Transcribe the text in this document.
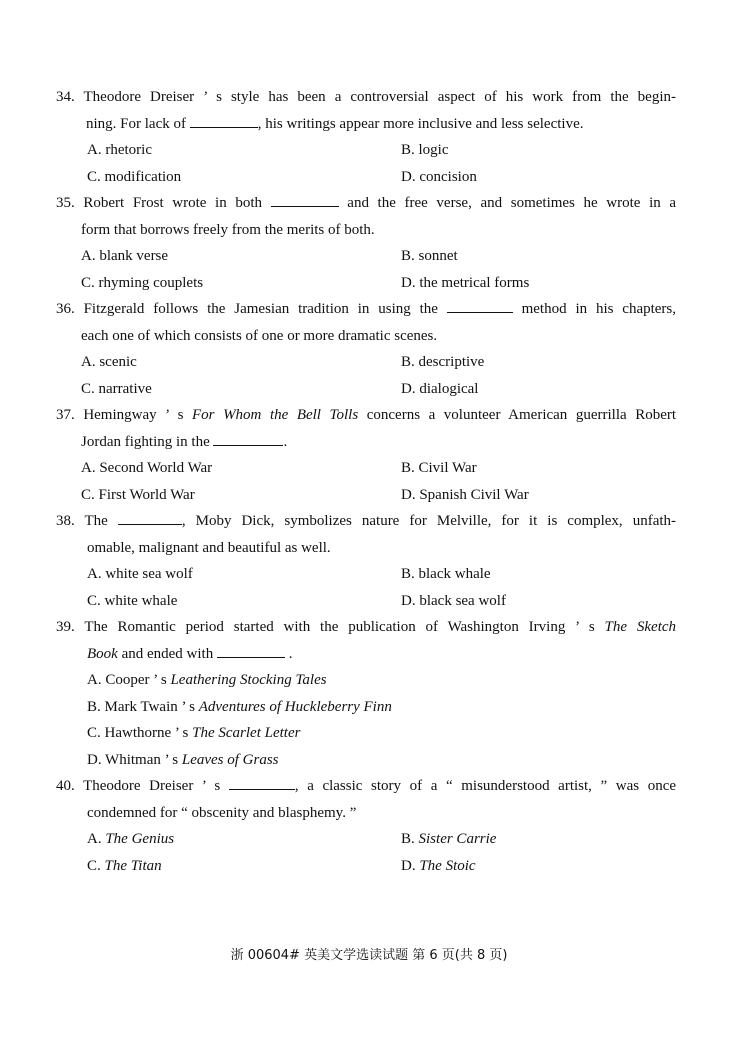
34. Theodore Dreiser ’ s style has been a controversial aspect of his work from the begin-
ning. For lack of	, his writings appear more inclusive and less selective.
A. rhetoric	B. logic
C. modification	D. concision
35. Robert Frost wrote in both	and the free verse, and sometimes he wrote in a
form that borrows freely from the merits of both.
A. blank verse	B. sonnet
C. rhyming couplets	D. the metrical forms
36. Fitzgerald follows the Jamesian tradition in using the	method in his chapters,
each one of which consists of one or more dramatic scenes.
A. scenic	B. descriptive
C. narrative	D. dialogical
37. Hemingway ’ s For Whom the Bell Tolls concerns a volunteer American guerrilla Robert
Jordan fighting in the	.
A. Second World War	B. Civil War
C. First World War	D. Spanish Civil War
38. The	, Moby Dick, symbolizes nature for Melville, for it is complex, unfath-
omable, malignant and beautiful as well.
A. white sea wolf	B. black whale
C. white whale	D. black sea wolf
39. The Romantic period started with the publication of Washington Irving ’ s The Sketch
Book and ended with	.
A. Cooper ’ s Leathering Stocking Tales
B. Mark Twain ’ s Adventures of Huckleberry Finn
C. Hawthorne ’ s The Scarlet Letter
D. Whitman ’ s Leaves of Grass
40. Theodore Dreiser ’ s	, a classic story of a “ misunderstood artist, ” was once
condemned for “ obscenity and blasphemy. ”
A. The Genius	B. Sister Carrie
C. The Titan	D. The Stoic
浙 00604# 英美文学选读试题 第 6 页(共 8 页)
